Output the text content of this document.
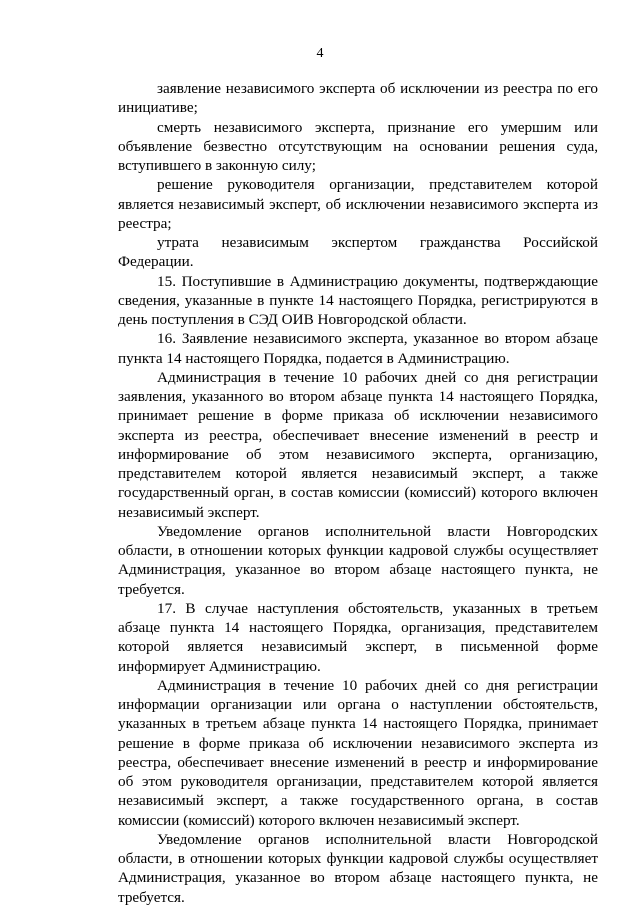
4

заявление независимого эксперта об исключении из реестра по его инициативе;

смерть независимого эксперта, признание его умершим или объявление безвестно отсутствующим на основании решения суда, вступившего в законную силу;

решение руководителя организации, представителем которой является независимый эксперт, об исключении независимого эксперта из реестра;

утрата независимым экспертом гражданства Российской Федерации.

15. Поступившие в Администрацию документы, подтверждающие сведения, указанные в пункте 14 настоящего Порядка, регистрируются в день поступления в СЭД ОИВ Новгородской области.

16. Заявление независимого эксперта, указанное во втором абзаце пункта 14 настоящего Порядка, подается в Администрацию.

Администрация в течение 10 рабочих дней со дня регистрации заявления, указанного во втором абзаце пункта 14 настоящего Порядка, принимает решение в форме приказа об исключении независимого эксперта из реестра, обеспечивает внесение изменений в реестр и информирование об этом независимого эксперта, организацию, представителем которой является независимый эксперт, а также государственный орган, в состав комиссии (комиссий) которого включен независимый эксперт.

Уведомление органов исполнительной власти Новгородских области, в отношении которых функции кадровой службы осуществляет Администрация, указанное во втором абзаце настоящего пункта, не требуется.

17. В случае наступления обстоятельств, указанных в третьем абзаце пункта 14 настоящего Порядка, организация, представителем которой является независимый эксперт, в письменной форме информирует Администрацию.

Администрация в течение 10 рабочих дней со дня регистрации информации организации или органа о наступлении обстоятельств, указанных в третьем абзаце пункта 14 настоящего Порядка, принимает решение в форме приказа об исключении независимого эксперта из реестра, обеспечивает внесение изменений в реестр и информирование об этом руководителя организации, представителем которой является независимый эксперт, а также государственного органа, в состав комиссии (комиссий) которого включен независимый эксперт.

Уведомление органов исполнительной власти Новгородской области, в отношении которых функции кадровой службы осуществляет Администрация, указанное во втором абзаце настоящего пункта, не требуется.
